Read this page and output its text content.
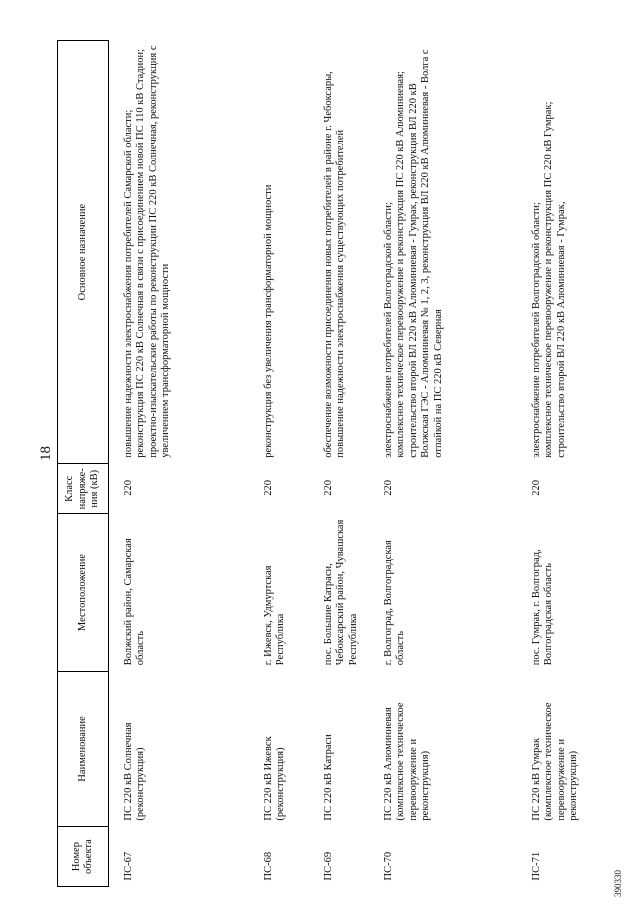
18
Номер объекта	Наименование	Местоположение	Класс напряже-ния (кВ)	Основное назначение
ПС-67	ПС 220 кВ Солнечная (реконструкция)	Волжский район, Самарская область	220	повышение надежности электроснабжения потребителей Самарской области;
реконструкция ПС 220 кВ Солнечная в связи с присоединением новой ПС 110 кВ Стадион;
проектно-изыскательские работы по реконструкции ПС 220 кВ Солнечная, реконструкция с увеличением трансформаторной мощности
ПС-68	ПС 220 кВ Ижевск (реконструкция)	г. Ижевск, Удмуртская Республика	220	реконструкция без увеличения трансформаторной мощности
ПС-69	ПС 220 кВ Катраси	пос. Большие Катраси, Чебоксарский район, Чувашская Республика	220	обеспечение возможности присоединения новых потребителей в районе г. Чебоксары, повышение надежности электроснабжения существующих потребителей
ПС-70	ПС 220 кВ Алюминиевая (комплексное техническое перевооружение и реконструкция)	г. Волгоград, Волгоградская область	220	электроснабжение потребителей Волгоградской области;
комплексное техническое перевооружение и реконструкция ПС 220 кВ Алюминиевая;
строительство второй ВЛ 220 кВ Алюминиевая - Гумрак, реконструкция ВЛ 220 кВ Волжская ГЭС - Алюминиевая № 1, 2, 3, реконструкция ВЛ 220 кВ Алюминиевая - Волга с отпайкой на ПС 220 кВ Северная
ПС-71	ПС 220 кВ Гумрак (комплексное техническое перевооружение и реконструкция)	пос. Гумрак, г. Волгоград, Волгоградская область	220	электроснабжение потребителей Волгоградской области;
комплексное техническое перевооружение и реконструкция ПС 220 кВ Гумрак; строительство второй ВЛ 220 кВ Алюминиевая - Гумрак,
390330
